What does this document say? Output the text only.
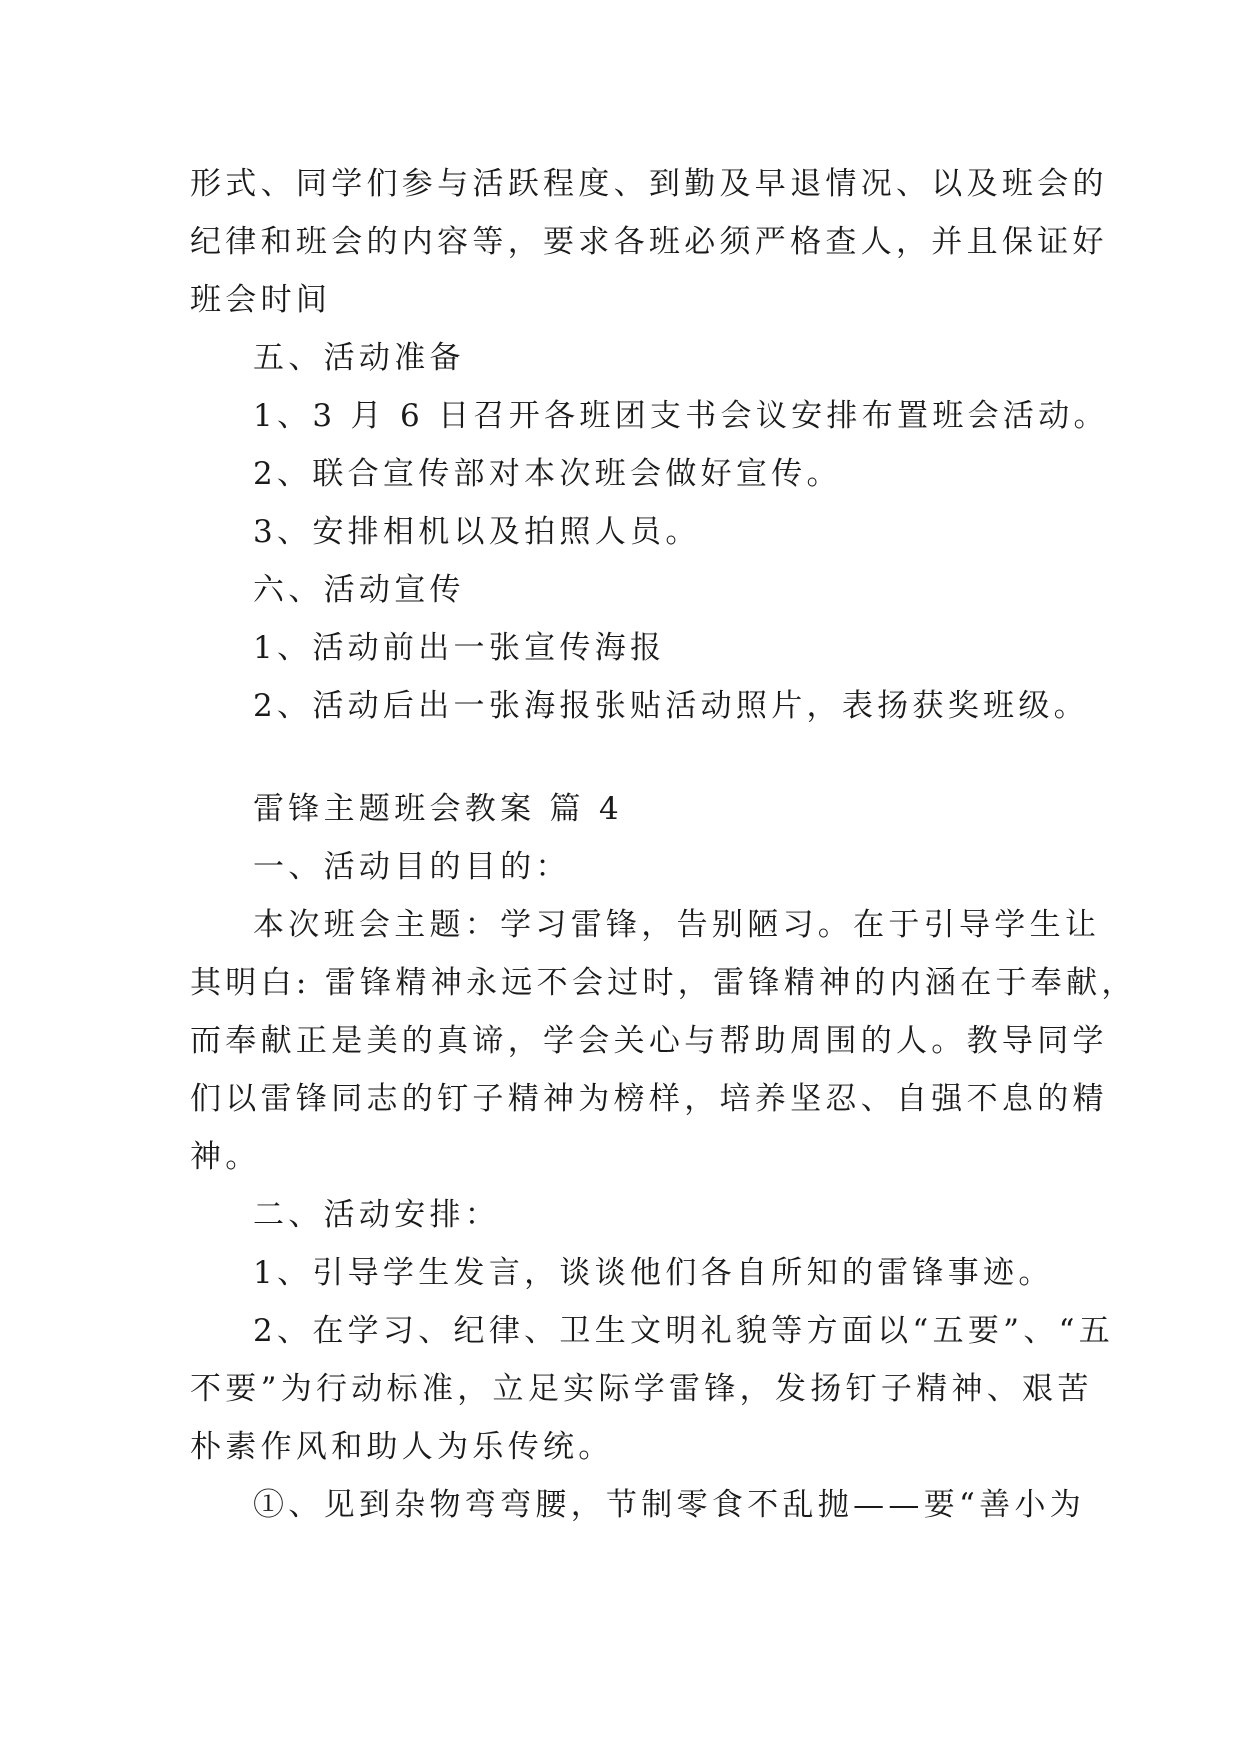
形式、同学们参与活跃程度、到勤及早退情况、以及班会的
纪律和班会的内容等，要求各班必须严格查人，并且保证好
班会时间
五、活动准备
1、3 月 6 日召开各班团支书会议安排布置班会活动。
2、联合宣传部对本次班会做好宣传。
3、安排相机以及拍照人员。
六、活动宣传
1、活动前出一张宣传海报
2、活动后出一张海报张贴活动照片，表扬获奖班级。
雷锋主题班会教案 篇 4
一、活动目的目的：
本次班会主题：学习雷锋，告别陋习。在于引导学生让
其明白: 雷锋精神永远不会过时，雷锋精神的内涵在于奉献，
而奉献正是美的真谛，学会关心与帮助周围的人。教导同学
们以雷锋同志的钉子精神为榜样，培养坚忍、自强不息的精
神。
二、活动安排：
1、引导学生发言，谈谈他们各自所知的雷锋事迹。
2、在学习、纪律、卫生文明礼貌等方面以“五要”、“五
不要”为行动标准，立足实际学雷锋，发扬钉子精神、艰苦
朴素作风和助人为乐传统。
①、见到杂物弯弯腰，节制零食不乱抛——要“善小为
